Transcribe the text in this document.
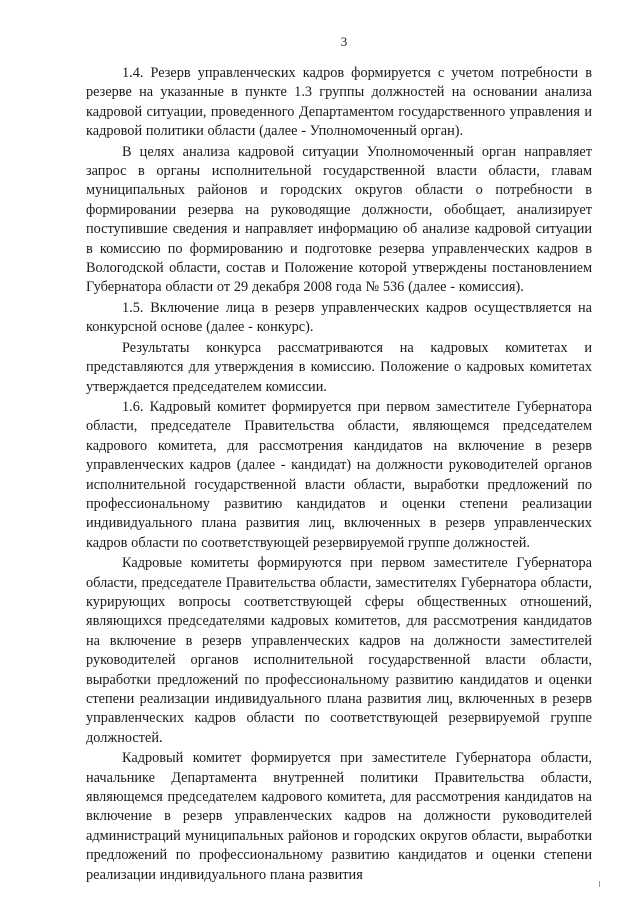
3

1.4. Резерв управленческих кадров формируется с учетом потребности в резерве на указанные в пункте 1.3 группы должностей на основании анализа кадровой ситуации, проведенного Департаментом государственного управления и кадровой политики области (далее - Уполномоченный орган).

В целях анализа кадровой ситуации Уполномоченный орган направляет запрос в органы исполнительной государственной власти области, главам муниципальных районов и городских округов области о потребности в формировании резерва на руководящие должности, обобщает, анализирует поступившие сведения и направляет информацию об анализе кадровой ситуации в комиссию по формированию и подготовке резерва управленческих кадров в Вологодской области, состав и Положение которой утверждены постановлением Губернатора области от 29 декабря 2008 года № 536 (далее - комиссия).

1.5. Включение лица в резерв управленческих кадров осуществляется на конкурсной основе (далее - конкурс).

Результаты конкурса рассматриваются на кадровых комитетах и представляются для утверждения в комиссию. Положение о кадровых комитетах утверждается председателем комиссии.

1.6. Кадровый комитет формируется при первом заместителе Губернатора области, председателе Правительства области, являющемся председателем кадрового комитета, для рассмотрения кандидатов на включение в резерв управленческих кадров (далее - кандидат) на должности руководителей органов исполнительной государственной власти области, выработки предложений по профессиональному развитию кандидатов и оценки степени реализации индивидуального плана развития лиц, включенных в резерв управленческих кадров области по соответствующей резервируемой группе должностей.

Кадровые комитеты формируются при первом заместителе Губернатора области, председателе Правительства области, заместителях Губернатора области, курирующих вопросы соответствующей сферы общественных отношений, являющихся председателями кадровых комитетов, для рассмотрения кандидатов на включение в резерв управленческих кадров на должности заместителей руководителей органов исполнительной государственной власти области, выработки предложений по профессиональному развитию кандидатов и оценки степени реализации индивидуального плана развития лиц, включенных в резерв управленческих кадров области по соответствующей резервируемой группе должностей.

Кадровый комитет формируется при заместителе Губернатора области, начальнике Департамента внутренней политики Правительства области, являющемся председателем кадрового комитета, для рассмотрения кандидатов на включение в резерв управленческих кадров на должности руководителей администраций муниципальных районов и городских округов области, выработки предложений по профессиональному развитию кандидатов и оценки степени реализации индивидуального плана развития
